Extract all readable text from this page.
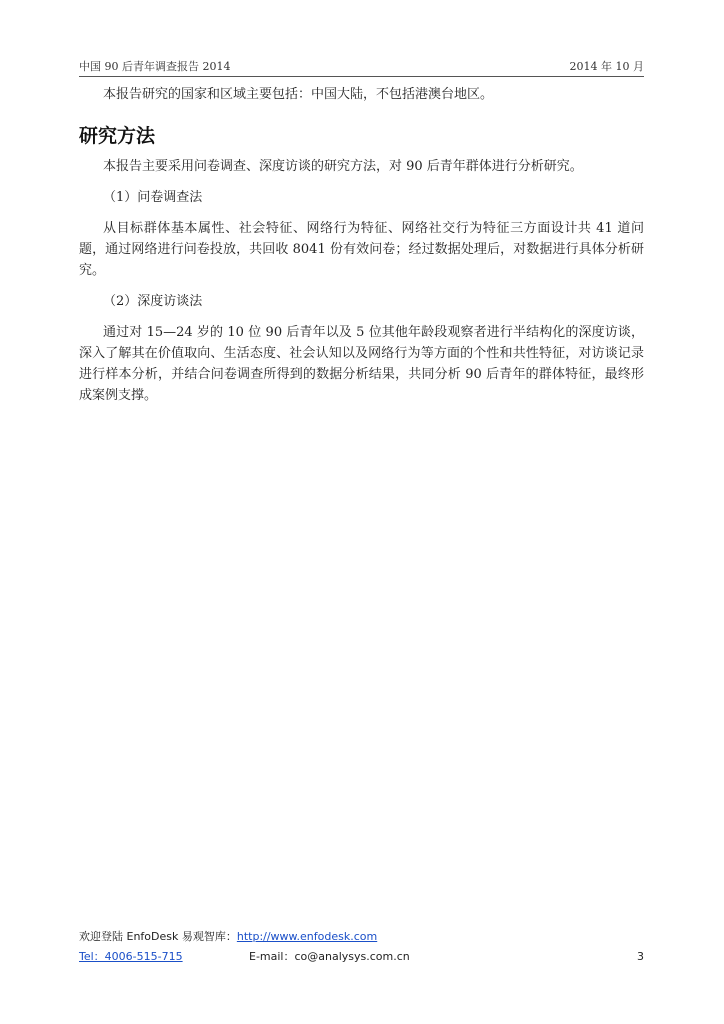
中国 90 后青年调查报告 2014	2014 年 10 月

本报告研究的国家和区域主要包括：中国大陆，不包括港澳台地区。

研究方法

本报告主要采用问卷调查、深度访谈的研究方法，对 90 后青年群体进行分析研究。

（1）问卷调查法

从目标群体基本属性、社会特征、网络行为特征、网络社交行为特征三方面设计共 41 道问题，通过网络进行问卷投放，共回收 8041 份有效问卷；经过数据处理后，对数据进行具体分析研究。

（2）深度访谈法

通过对 15—24 岁的 10 位 90 后青年以及 5 位其他年龄段观察者进行半结构化的深度访谈，深入了解其在价值取向、生活态度、社会认知以及网络行为等方面的个性和共性特征，对访谈记录进行样本分析，并结合问卷调查所得到的数据分析结果，共同分析 90 后青年的群体特征，最终形成案例支撑。

欢迎登陆 EnfoDesk 易观智库：http://www.enfodesk.com
Tel：4006-515-715	E-mail：co@analysys.com.cn	3
